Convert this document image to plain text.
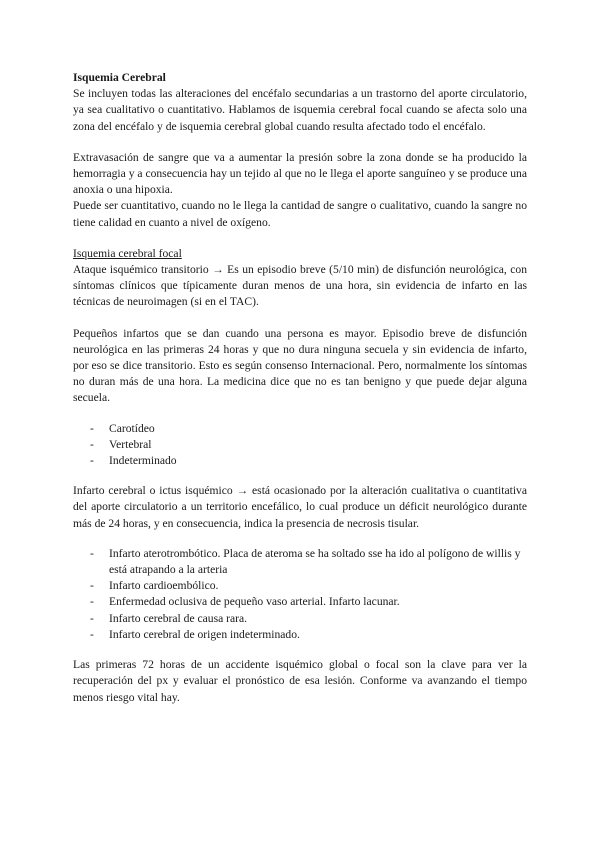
Isquemia Cerebral

Se incluyen todas las alteraciones del encéfalo secundarias a un trastorno del aporte circulatorio, ya sea cualitativo o cuantitativo. Hablamos de isquemia cerebral focal cuando se afecta solo una zona del encéfalo y de isquemia cerebral global cuando resulta afectado todo el encéfalo.

Extravasación de sangre que va a aumentar la presión sobre la zona donde se ha producido la hemorragia y a consecuencia hay un tejido al que no le llega el aporte sanguíneo y se produce una anoxia o una hipoxia.

Puede ser cuantitativo, cuando no le llega la cantidad de sangre o cualitativo, cuando la sangre no tiene calidad en cuanto a nivel de oxígeno.

Isquemia cerebral focal

Ataque isquémico transitorio → Es un episodio breve (5/10 min) de disfunción neurológica, con síntomas clínicos que típicamente duran menos de una hora, sin evidencia de infarto en las técnicas de neuroimagen (si en el TAC).

Pequeños infartos que se dan cuando una persona es mayor. Episodio breve de disfunción neurológica en las primeras 24 horas y que no dura ninguna secuela y sin evidencia de infarto, por eso se dice transitorio. Esto es según consenso Internacional. Pero, normalmente los síntomas no duran más de una hora. La medicina dice que no es tan benigno y que puede dejar alguna secuela.

- Carotídeo
- Vertebral
- Indeterminado

Infarto cerebral o ictus isquémico → está ocasionado por la alteración cualitativa o cuantitativa del aporte circulatorio a un territorio encefálico, lo cual produce un déficit neurológico durante más de 24 horas, y en consecuencia, indica la presencia de necrosis tisular.

- Infarto aterotrombótico. Placa de ateroma se ha soltado sse ha ido al polígono de willis y está atrapando a la arteria
- Infarto cardioembólico.
- Enfermedad oclusiva de pequeño vaso arterial. Infarto lacunar.
- Infarto cerebral de causa rara.
- Infarto cerebral de origen indeterminado.

Las primeras 72 horas de un accidente isquémico global o focal son la clave para ver la recuperación del px y evaluar el pronóstico de esa lesión. Conforme va avanzando el tiempo menos riesgo vital hay.
